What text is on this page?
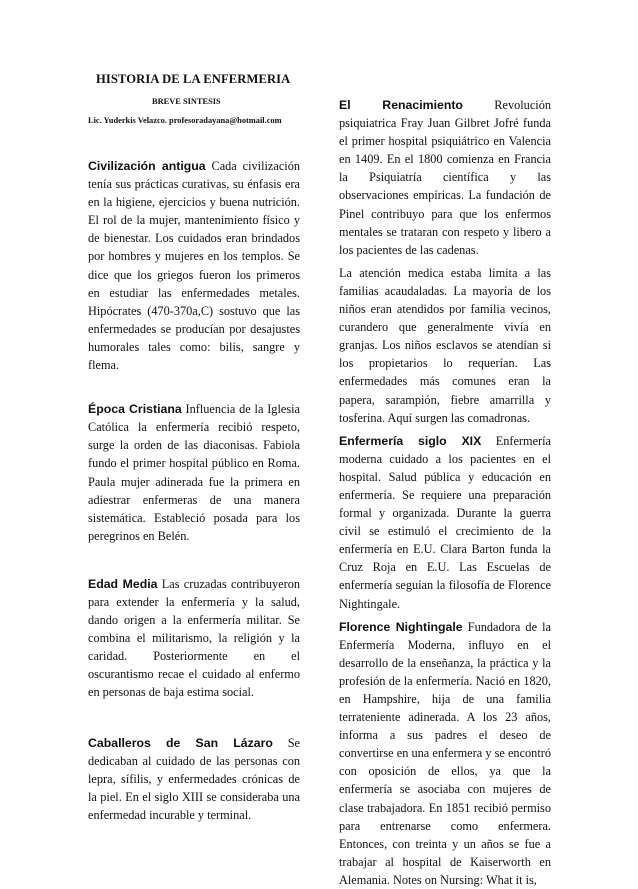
HISTORIA DE LA ENFERMERIA
BREVE SINTESIS
Lic. Yuderkis Velazco. profesoradayana@hotmail.com

Civilización antigua Cada civilización tenía sus prácticas curativas, su énfasis era en la higiene, ejercicios y buena nutrición. El rol de la mujer, mantenimiento físico y de bienestar. Los cuidados eran brindados por hombres y mujeres en los templos. Se dice que los griegos fueron los primeros en estudiar las enfermedades metales. Hipócrates (470-370a,C) sostuvo que las enfermedades se producían por desajustes humorales tales como: bilis, sangre y flema.

Época Cristiana Influencia de la Iglesia Católica la enfermería recibió respeto, surge la orden de las diaconisas. Fabiola fundo el primer hospital público en Roma. Paula mujer adinerada fue la primera en adiestrar enfermeras de una manera sistemática. Estableció posada para los peregrinos en Belén.

Edad Media Las cruzadas contribuyeron para extender la enfermería y la salud, dando origen a la enfermería militar. Se combina el militarismo, la religión y la caridad. Posteriormente en el oscurantismo recae el cuidado al enfermo en personas de baja estima social.

Caballeros de San Lázaro Se dedicaban al cuidado de las personas con lepra, sífilis, y enfermedades crónicas de la piel. En el siglo XIII se consideraba una enfermedad incurable y terminal.

El Renacimiento Revolución psiquiatrica Fray Juan Gilbret Jofré funda el primer hospital psiquiátrico en Valencia en 1409. En el 1800 comienza en Francia la Psiquiatría científica y las observaciones empíricas. La fundación de Pinel contribuyo para que los enfermos mentales se trataran con respeto y libero a los pacientes de las cadenas.

La atención medica estaba limita a las familias acaudaladas. La mayoría de los niños eran atendidos por familia vecinos, curandero que generalmente vivía en granjas. Los niños esclavos se atendían si los propietarios lo requerían. Las enfermedades más comunes eran la papera, sarampión, fiebre amarrilla y tosferina. Aquí surgen las comadronas.

Enfermería siglo XIX Enfermería moderna cuidado a los pacientes en el hospital. Salud pública y educación en enfermería. Se requiere una preparación formal y organizada. Durante la guerra civil se estimuló el crecimiento de la enfermería en E.U. Clara Barton funda la Cruz Roja en E.U. Las Escuelas de enfermería seguían la filosofía de Florence Nightingale.

Florence Nightingale Fundadora de la Enfermería Moderna, influyo en el desarrollo de la enseñanza, la práctica y la profesión de la enfermería. Nació en 1820, en Hampshire, hija de una familia terrateniente adinerada. A los 23 años, informa a sus padres el deseo de convertirse en una enfermera y se encontró con oposición de ellos, ya que la enfermería se asociaba con mujeres de clase trabajadora. En 1851 recibió permiso para entrenarse como enfermera. Entonces, con treinta y un años se fue a trabajar al hospital de Kaiserworth en Alemania. Notes on Nursing: What it is,
